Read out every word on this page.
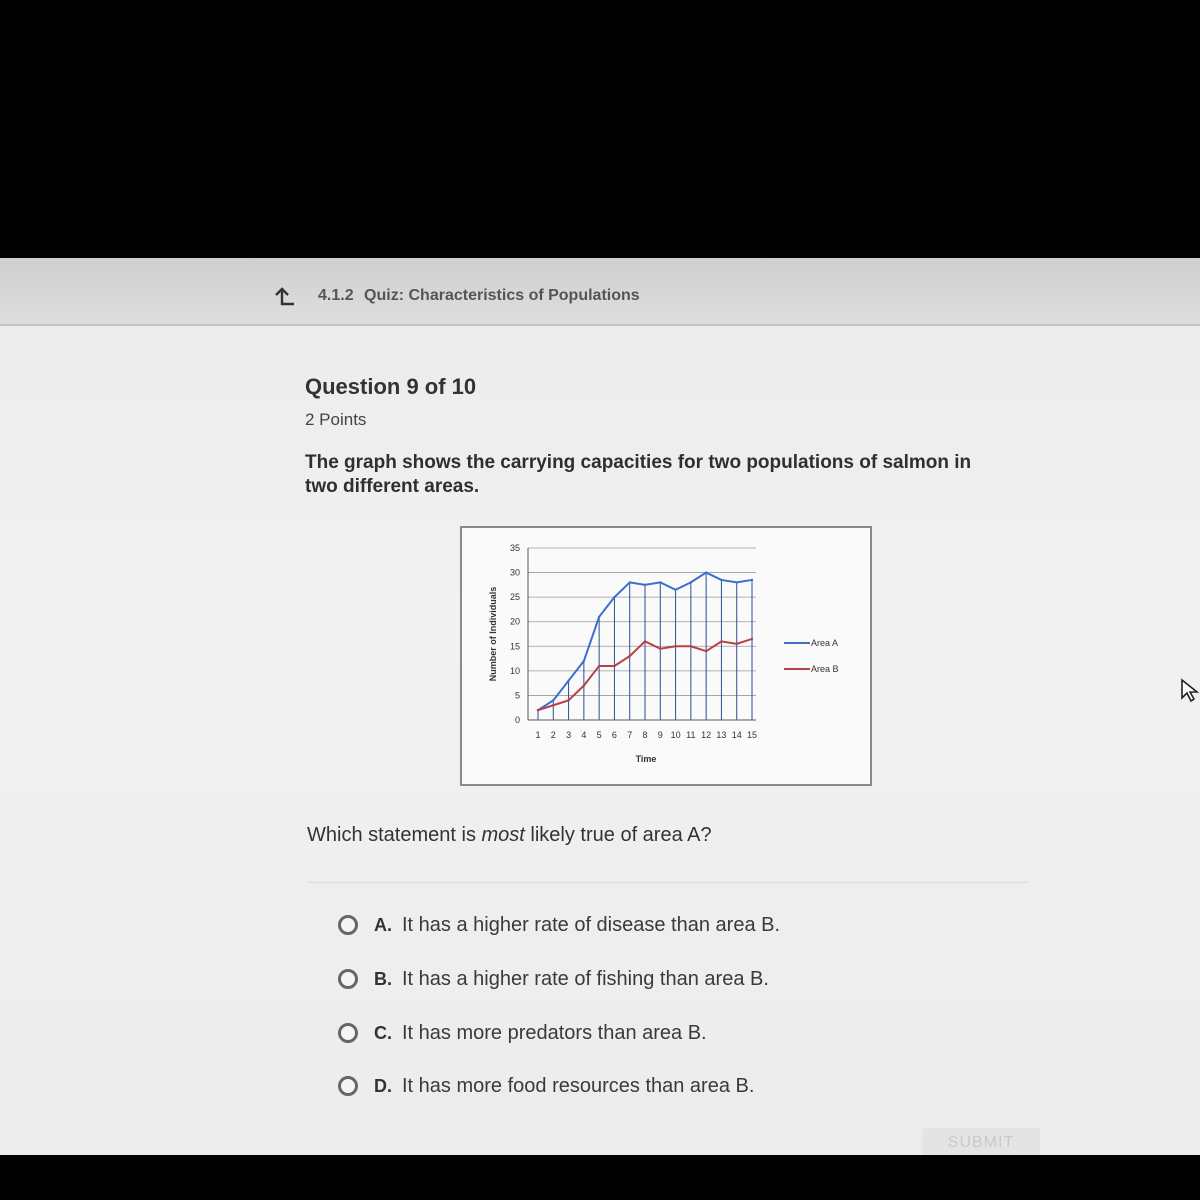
4.1.2 Quiz: Characteristics of Populations
Question 9 of 10
2 Points
The graph shows the carrying capacities for two populations of salmon in two different areas.
35
30
25
20
15
10
5
0
1 2 3 4 5 6 7 8 9 10 11 12 13 14 15
Area A
Area B
Number of Individuals
Time
Which statement is most likely true of area A?
A. It has a higher rate of disease than area B.
B. It has a higher rate of fishing than area B.
C. It has more predators than area B.
D. It has more food resources than area B.
SUBMIT
